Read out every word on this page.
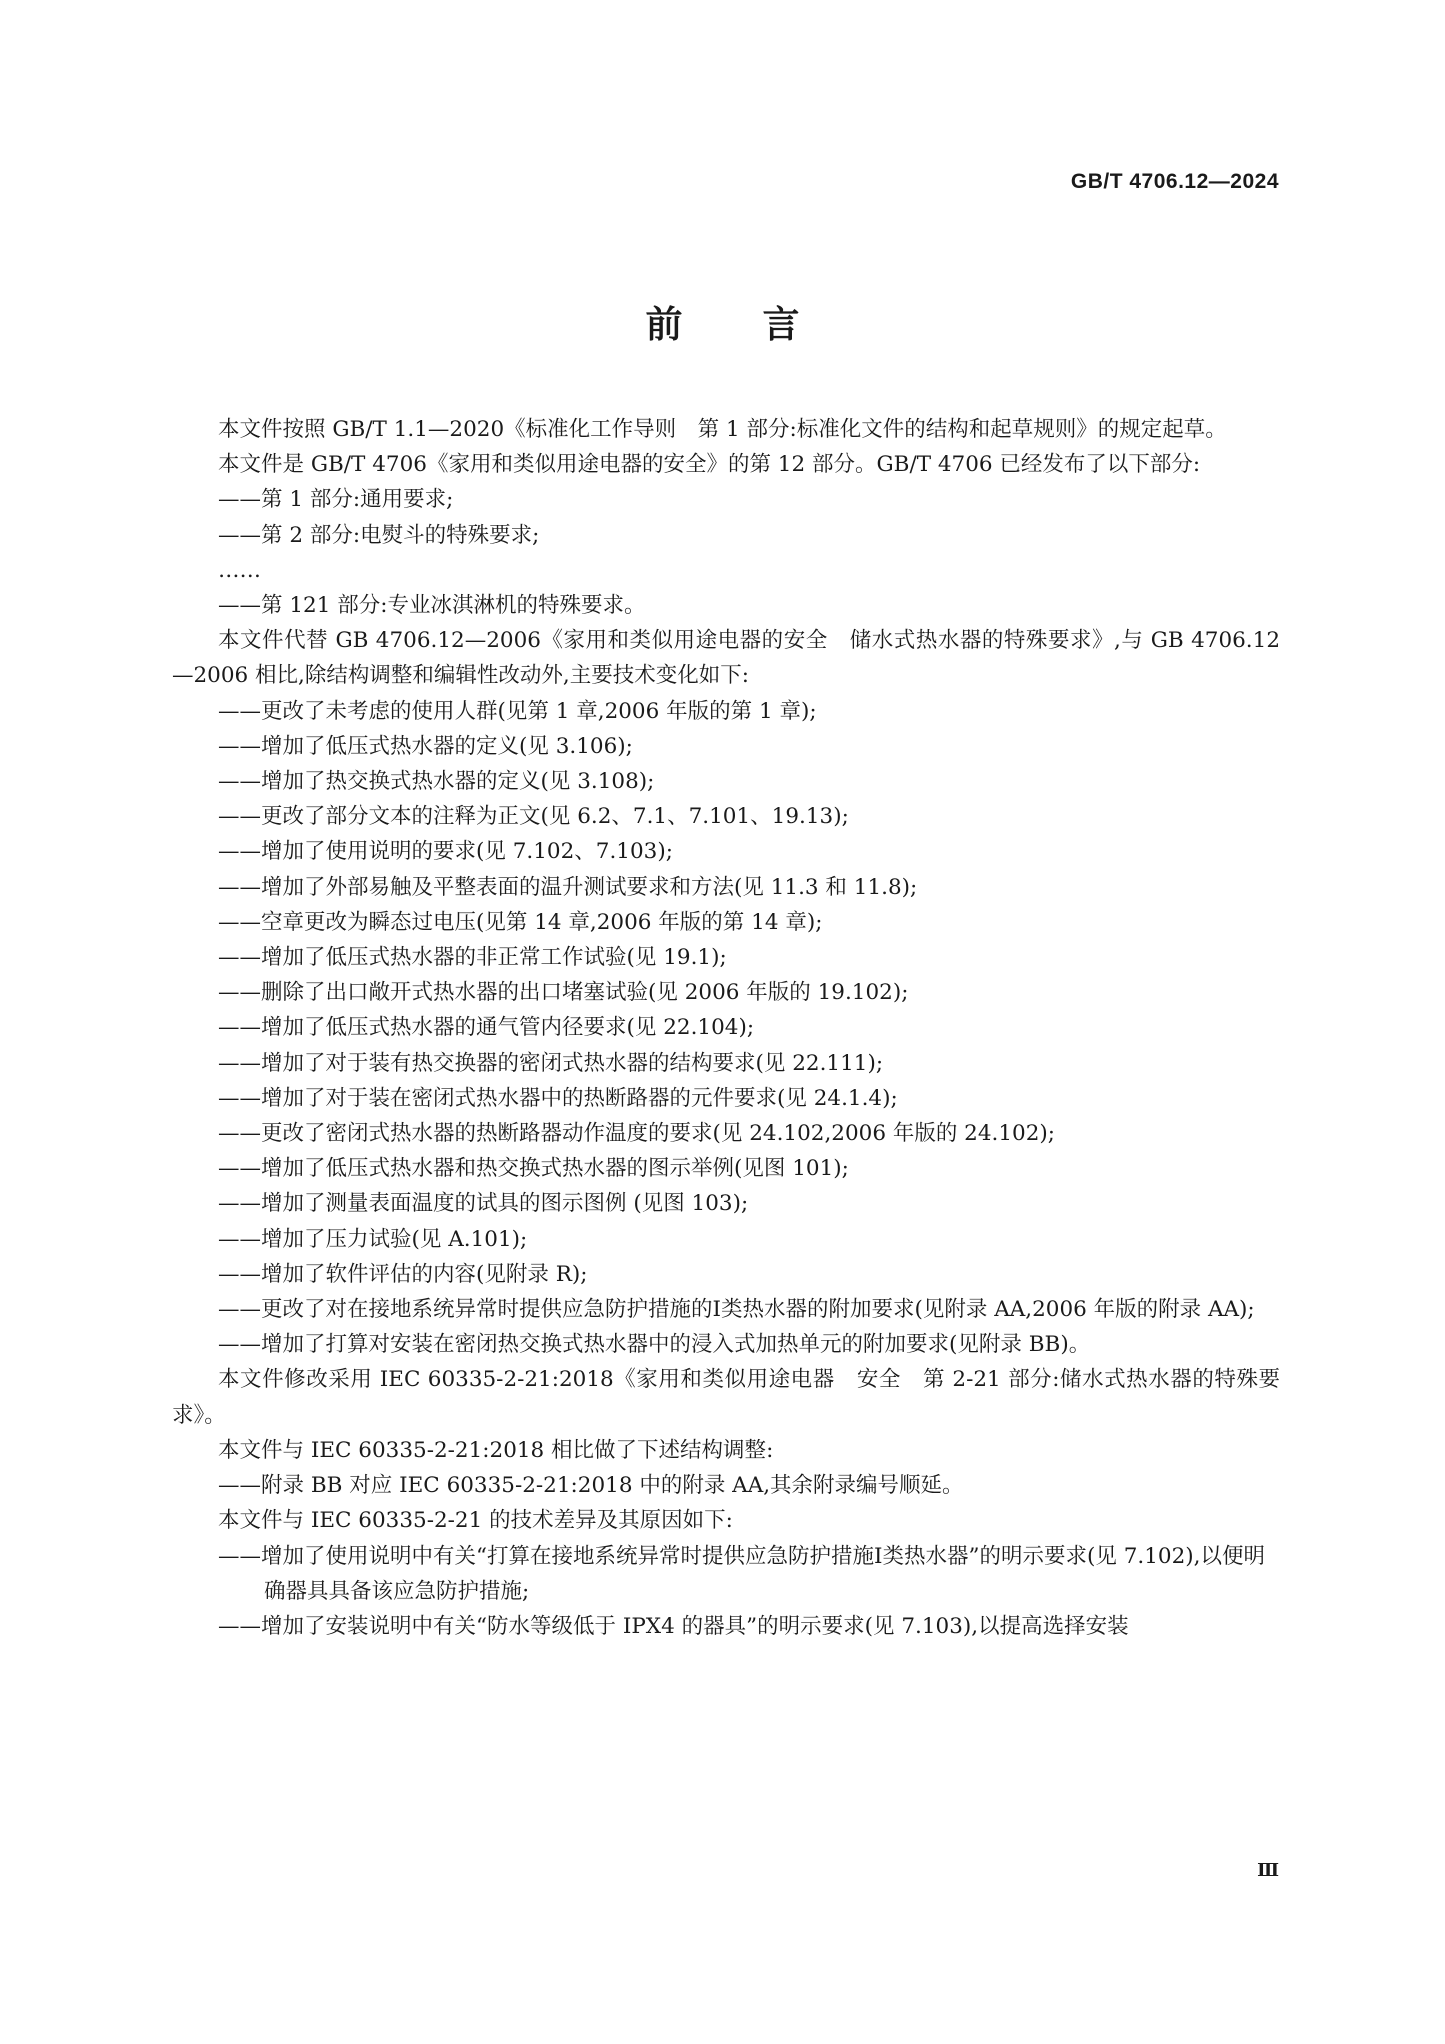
GB/T 4706.12—2024
前言

本文件按照 GB/T 1.1—2020《标准化工作导则　第 1 部分:标准化文件的结构和起草规则》的规定起草。

本文件是 GB/T 4706《家用和类似用途电器的安全》的第 12 部分。GB/T 4706 已经发布了以下部分:

——第 1 部分:通用要求;

——第 2 部分:电熨斗的特殊要求;

……

——第 121 部分:专业冰淇淋机的特殊要求。

本文件代替 GB 4706.12—2006《家用和类似用途电器的安全　储水式热水器的特殊要求》,与 GB 4706.12—2006 相比,除结构调整和编辑性改动外,主要技术变化如下:

——更改了未考虑的使用人群(见第 1 章,2006 年版的第 1 章);

——增加了低压式热水器的定义(见 3.106);

——增加了热交换式热水器的定义(见 3.108);

——更改了部分文本的注释为正文(见 6.2、7.1、7.101、19.13);

——增加了使用说明的要求(见 7.102、7.103);

——增加了外部易触及平整表面的温升测试要求和方法(见 11.3 和 11.8);

——空章更改为瞬态过电压(见第 14 章,2006 年版的第 14 章);

——增加了低压式热水器的非正常工作试验(见 19.1);

——删除了出口敞开式热水器的出口堵塞试验(见 2006 年版的 19.102);

——增加了低压式热水器的通气管内径要求(见 22.104);

——增加了对于装有热交换器的密闭式热水器的结构要求(见 22.111);

——增加了对于装在密闭式热水器中的热断路器的元件要求(见 24.1.4);

——更改了密闭式热水器的热断路器动作温度的要求(见 24.102,2006 年版的 24.102);

——增加了低压式热水器和热交换式热水器的图示举例(见图 101);

——增加了测量表面温度的试具的图示图例 (见图 103);

——增加了压力试验(见 A.101);

——增加了软件评估的内容(见附录 R);

——更改了对在接地系统异常时提供应急防护措施的Ⅰ类热水器的附加要求(见附录 AA,2006 年版的附录 AA);

——增加了打算对安装在密闭热交换式热水器中的浸入式加热单元的附加要求(见附录 BB)。

本文件修改采用 IEC 60335-2-21:2018《家用和类似用途电器　安全　第 2-21 部分:储水式热水器的特殊要求》。

本文件与 IEC 60335-2-21:2018 相比做了下述结构调整:

——附录 BB 对应 IEC 60335-2-21:2018 中的附录 AA,其余附录编号顺延。

本文件与 IEC 60335-2-21 的技术差异及其原因如下:

——增加了使用说明中有关“打算在接地系统异常时提供应急防护措施Ⅰ类热水器”的明示要求(见 7.102),以便明确器具具备该应急防护措施;

——增加了安装说明中有关“防水等级低于 IPX4 的器具”的明示要求(见 7.103),以提高选择安装

Ⅲ
